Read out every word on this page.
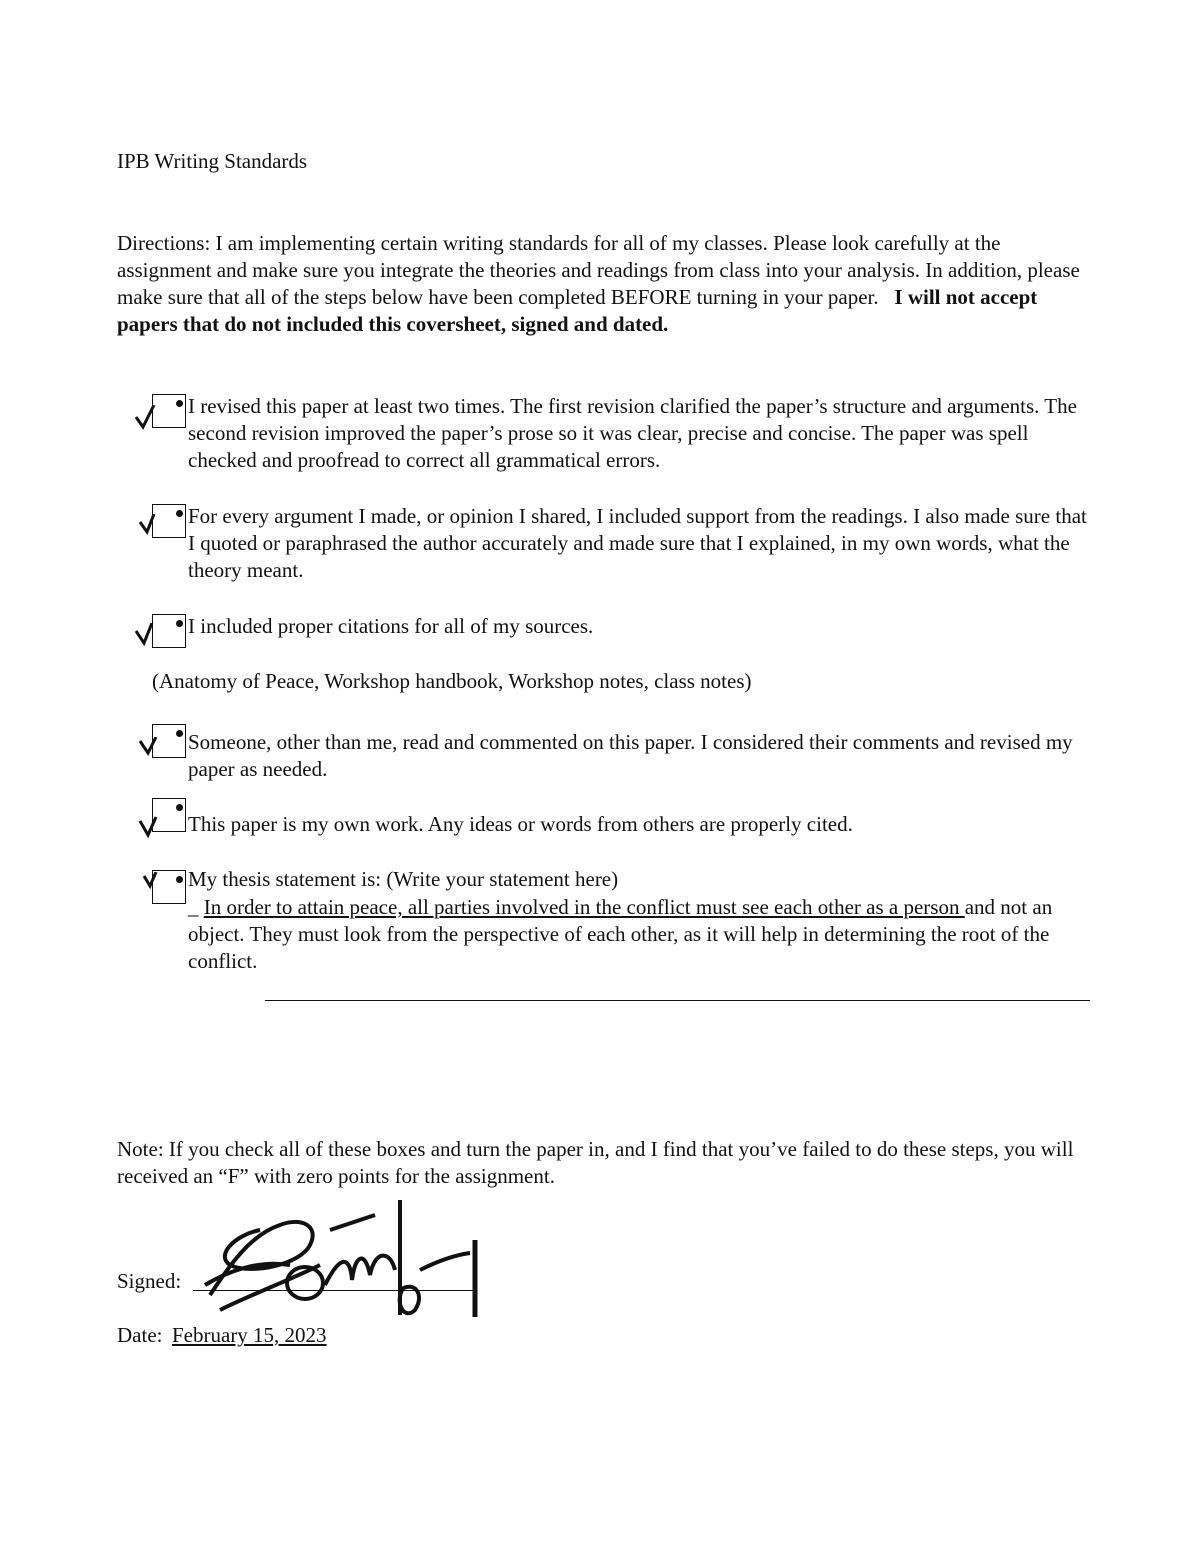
IPB Writing Standards
Directions: I am implementing certain writing standards for all of my classes. Please look carefully at the assignment and make sure you integrate the theories and readings from class into your analysis. In addition, please make sure that all of the steps below have been completed BEFORE turning in your paper. I will not accept papers that do not included this coversheet, signed and dated.
I revised this paper at least two times. The first revision clarified the paper’s structure and arguments. The second revision improved the paper’s prose so it was clear, precise and concise. The paper was spell checked and proofread to correct all grammatical errors.
For every argument I made, or opinion I shared, I included support from the readings. I also made sure that I quoted or paraphrased the author accurately and made sure that I explained, in my own words, what the theory meant.
I included proper citations for all of my sources.
(Anatomy of Peace, Workshop handbook, Workshop notes, class notes)
Someone, other than me, read and commented on this paper. I considered their comments and revised my paper as needed.
This paper is my own work. Any ideas or words from others are properly cited.
My thesis statement is: (Write your statement here)
_ In order to attain peace, all parties involved in the conflict must see each other as a person and not an object. They must look from the perspective of each other, as it will help in determining the root of the
conflict.
Note: If you check all of these boxes and turn the paper in, and I find that you’ve failed to do these steps, you will received an “F” with zero points for the assignment.
Signed:
Date: February 15, 2023
